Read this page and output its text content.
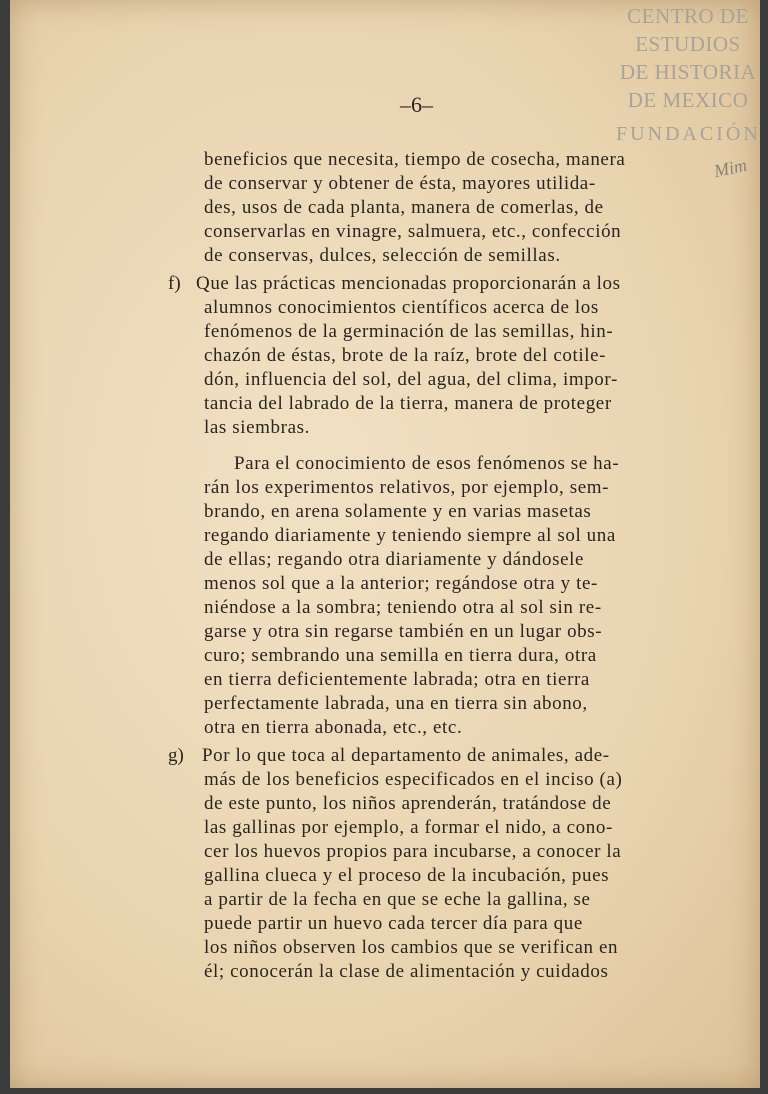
CENTRO DE
ESTUDIOS
DE HISTORIA
DE MEXICO
FUNDACIÓN
–6–
Mim
beneficios que necesita, tiempo de cosecha, manera
de conservar y obtener de ésta, mayores utilida-
des, usos de cada planta, manera de comerlas, de
conservarlas en vinagre, salmuera, etc., confección
de conservas, dulces, selección de semillas.
f) Que las prácticas mencionadas proporcionarán a los
alumnos conocimientos científicos acerca de los
fenómenos de la germinación de las semillas, hin-
chazón de éstas, brote de la raíz, brote del cotile-
dón, influencia del sol, del agua, del clima, impor-
tancia del labrado de la tierra, manera de proteger
las siembras.
Para el conocimiento de esos fenómenos se ha-
rán los experimentos relativos, por ejemplo, sem-
brando, en arena solamente y en varias masetas
regando diariamente y teniendo siempre al sol una
de ellas; regando otra diariamente y dándosele
menos sol que a la anterior; regándose otra y te-
niéndose a la sombra; teniendo otra al sol sin re-
garse y otra sin regarse también en un lugar obs-
curo; sembrando una semilla en tierra dura, otra
en tierra deficientemente labrada; otra en tierra
perfectamente labrada, una en tierra sin abono,
otra en tierra abonada, etc., etc.
g) Por lo que toca al departamento de animales, ade-
más de los beneficios especificados en el inciso (a)
de este punto, los niños aprenderán, tratándose de
las gallinas por ejemplo, a formar el nido, a cono-
cer los huevos propios para incubarse, a conocer la
gallina clueca y el proceso de la incubación, pues
a partir de la fecha en que se eche la gallina, se
puede partir un huevo cada tercer día para que
los niños observen los cambios que se verifican en
él; conocerán la clase de alimentación y cuidados
